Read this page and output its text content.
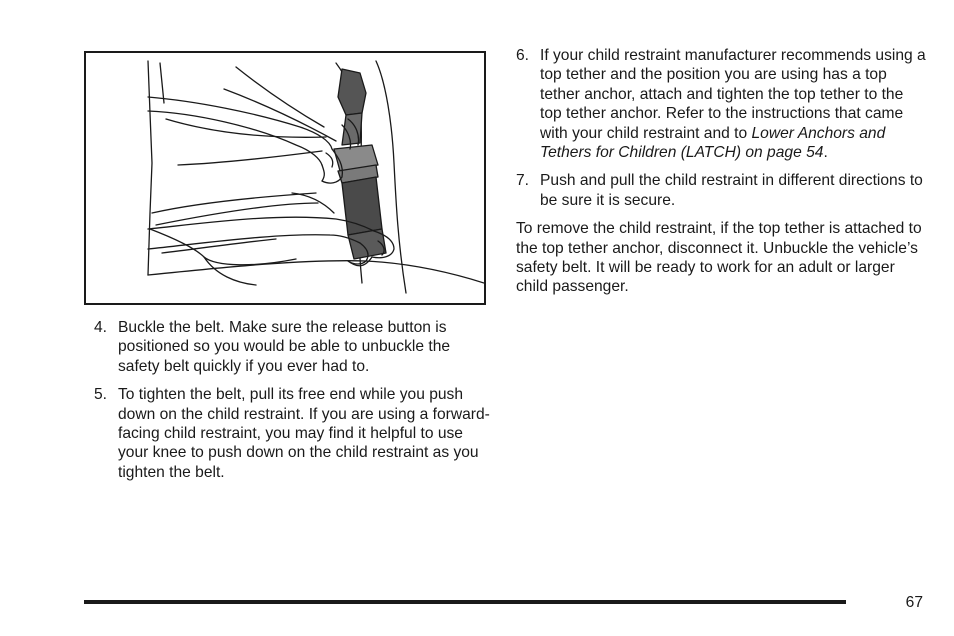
4. Buckle the belt. Make sure the release button is positioned so you would be able to unbuckle the safety belt quickly if you ever had to.
5. To tighten the belt, pull its free end while you push down on the child restraint. If you are using a forward-facing child restraint, you may find it helpful to use your knee to push down on the child restraint as you tighten the belt.
6. If your child restraint manufacturer recommends using a top tether and the position you are using has a top tether anchor, attach and tighten the top tether to the top tether anchor. Refer to the instructions that came with your child restraint and to Lower Anchors and Tethers for Children (LATCH) on page 54.
7. Push and pull the child restraint in different directions to be sure it is secure.

To remove the child restraint, if the top tether is attached to the top tether anchor, disconnect it. Unbuckle the vehicle’s safety belt. It will be ready to work for an adult or larger child passenger.

67
